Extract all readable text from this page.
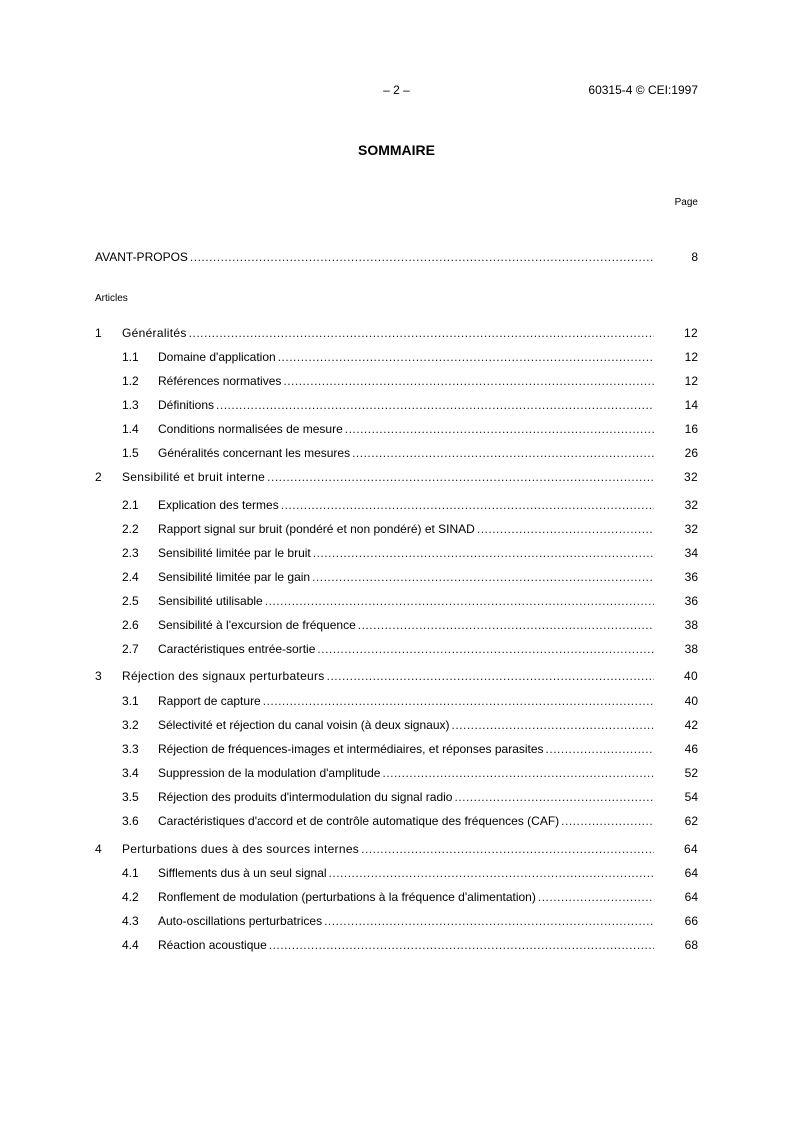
– 2 –	60315-4 © CEI:1997
SOMMAIRE
Page
Articles
AVANT-PROPOS .....	8
1	Généralités .....	12
1.1	Domaine d'application .....	12
1.2	Références normatives .....	12
1.3	Définitions .....	14
1.4	Conditions normalisées de mesure .....	16
1.5	Généralités concernant les mesures .....	26
2	Sensibilité et bruit interne .....	32
2.1	Explication des termes .....	32
2.2	Rapport signal sur bruit (pondéré et non pondéré) et SINAD .....	32
2.3	Sensibilité limitée par le bruit .....	34
2.4	Sensibilité limitée par le gain .....	36
2.5	Sensibilité utilisable .....	36
2.6	Sensibilité à l'excursion de fréquence .....	38
2.7	Caractéristiques entrée-sortie .....	38
3	Réjection des signaux perturbateurs .....	40
3.1	Rapport de capture .....	40
3.2	Sélectivité et réjection du canal voisin (à deux signaux) .....	42
3.3	Réjection de fréquences-images et intermédiaires, et réponses parasites .....	46
3.4	Suppression de la modulation d'amplitude .....	52
3.5	Réjection des produits d'intermodulation du signal radio .....	54
3.6	Caractéristiques d'accord et de contrôle automatique des fréquences (CAF) .....	62
4	Perturbations dues à des sources internes .....	64
4.1	Sifflements dus à un seul signal .....	64
4.2	Ronflement de modulation (perturbations à la fréquence d'alimentation) .....	64
4.3	Auto-oscillations perturbatrices .....	66
4.4	Réaction acoustique .....	68
